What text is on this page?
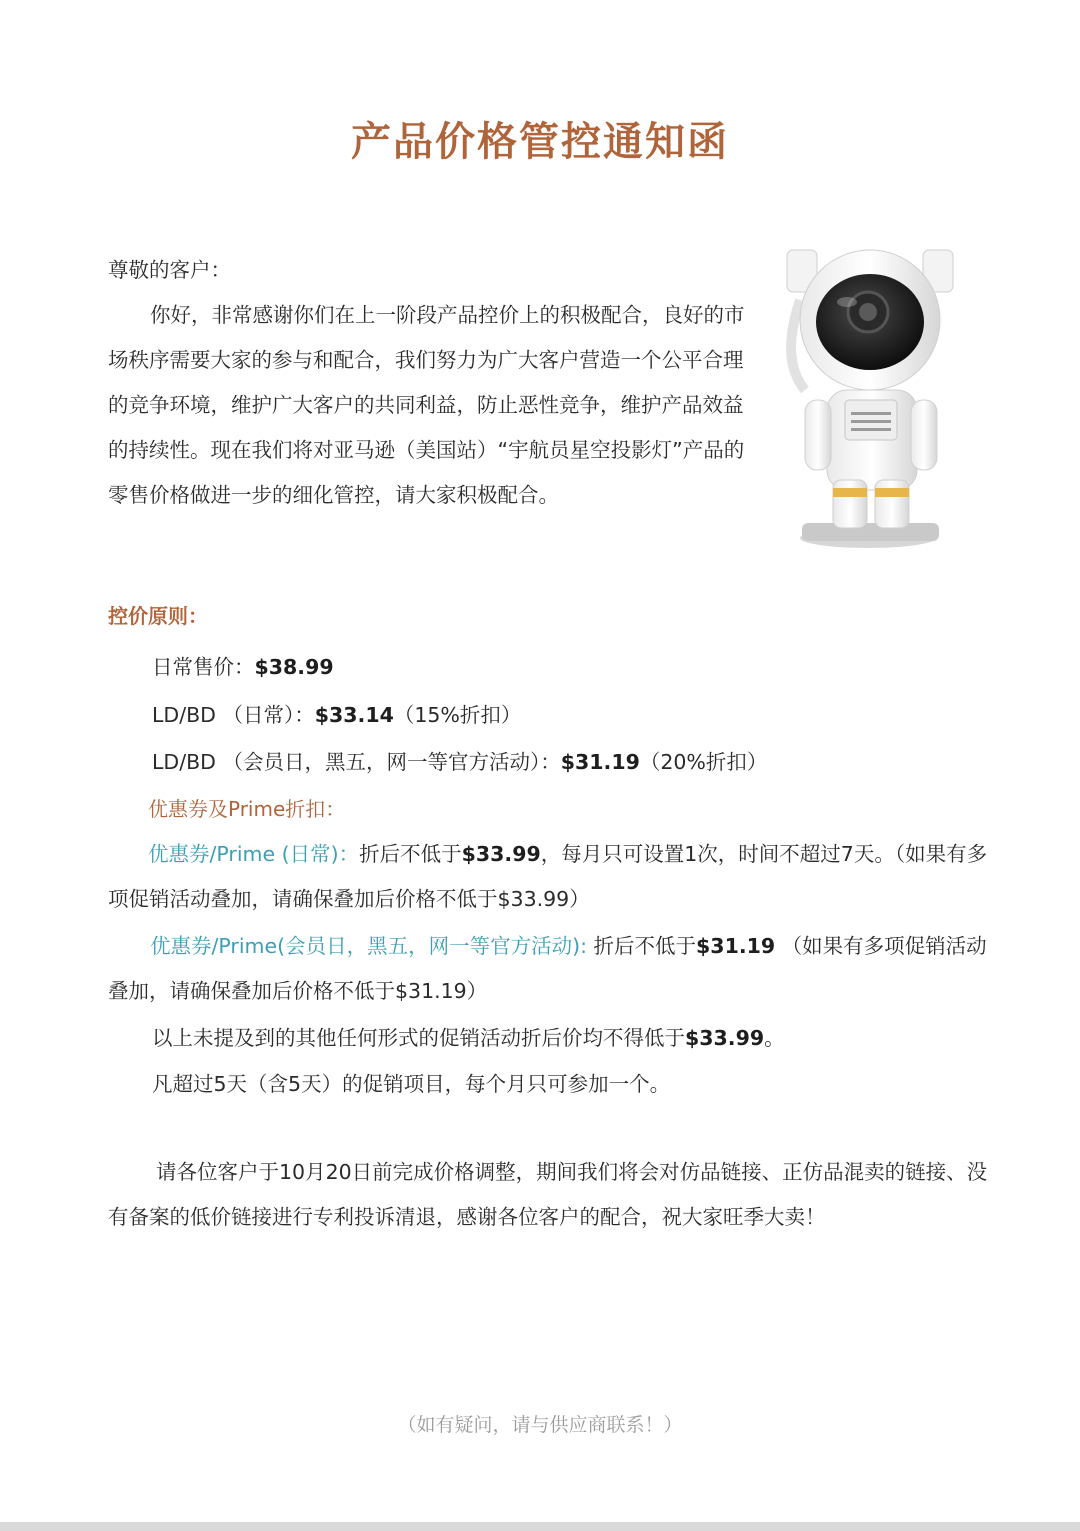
产品价格管控通知函
尊敬的客户：
你好，非常感谢你们在上一阶段产品控价上的积极配合，良好的市场秩序需要大家的参与和配合，我们努力为广大客户营造一个公平合理的竞争环境，维护广大客户的共同利益，防止恶性竞争，维护产品效益的持续性。现在我们将对亚马逊（美国站）“宇航员星空投影灯”产品的零售价格做进一步的细化管控，请大家积极配合。
控价原则：
日常售价：$38.99
LD/BD （日常）：$33.14（15%折扣）
LD/BD （会员日，黑五，网一等官方活动）：$31.19（20%折扣）
优惠券及Prime折扣：
优惠券/Prime (日常)：折后不低于$33.99，每月只可设置1次，时间不超过7天。（如果有多项促销活动叠加，请确保叠加后价格不低于$33.99）
优惠券/Prime(会员日，黑五，网一等官方活动): 折后不低于$31.19 （如果有多项促销活动叠加，请确保叠加后价格不低于$31.19）
以上未提及到的其他任何形式的促销活动折后价均不得低于$33.99。
凡超过5天（含5天）的促销项目，每个月只可参加一个。
请各位客户于10月20日前完成价格调整，期间我们将会对仿品链接、正仿品混卖的链接、没有备案的低价链接进行专利投诉清退，感谢各位客户的配合，祝大家旺季大卖！
（如有疑问，请与供应商联系！）
